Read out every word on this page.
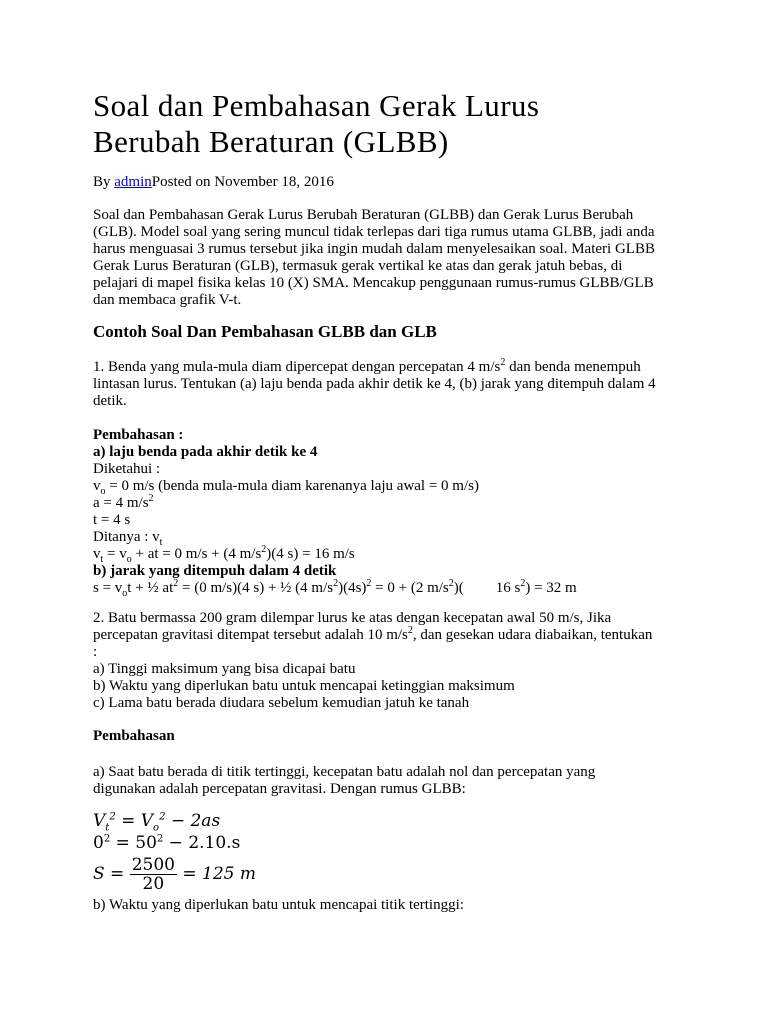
Soal dan Pembahasan Gerak Lurus
Berubah Beraturan (GLBB)
By adminPosted on November 18, 2016
Soal dan Pembahasan Gerak Lurus Berubah Beraturan (GLBB) dan Gerak Lurus Berubah
(GLB). Model soal yang sering muncul tidak terlepas dari tiga rumus utama GLBB, jadi anda
harus menguasai 3 rumus tersebut jika ingin mudah dalam menyelesaikan soal. Materi GLBB
Gerak Lurus Beraturan (GLB), termasuk gerak vertikal ke atas dan gerak jatuh bebas, di
pelajari di mapel fisika kelas 10 (X) SMA. Mencakup penggunaan rumus-rumus GLBB/GLB
dan membaca grafik V-t.
Contoh Soal Dan Pembahasan GLBB dan GLB
1. Benda yang mula-mula diam dipercepat dengan percepatan 4 $m/s^2$ dan benda menempuh
lintasan lurus. Tentukan (a) laju benda pada akhir detik ke 4, (b) jarak yang ditempuh dalam 4
detik.
Pembahasan :
a) laju benda pada akhir detik ke 4
Diketahui :
$v_o = 0$ m/s (benda mula-mula diam karenanya laju awal = 0 m/s)
a = 4 $m/s^2$
t = 4 s
Ditanya : $v_t$
$v_t = v_o$ + at = 0 m/s + (4 $m/s^2)(4$ s) = 16 m/s
b) jarak yang ditempuh dalam 4 detik
$s = v_ot$ + ½ $at^2 = (0$ m/s)(4 s) + ½ (4 $m/s^2)(4s)^2 = 0 + (2$ $m/s^2$)( 16 $s^2) = 32$ m
2. Batu bermassa 200 gram dilempar lurus ke atas dengan kecepatan awal 50 m/s, Jika
percepatan gravitasi ditempat tersebut adalah 10 $m/s^2$, dan gesekan udara diabaikan, tentukan
:
a) Tinggi maksimum yang bisa dicapai batu
b) Waktu yang diperlukan batu untuk mencapai ketinggian maksimum
c) Lama batu berada diudara sebelum kemudian jatuh ke tanah
Pembahasan
a) Saat batu berada di titik tertinggi, kecepatan batu adalah nol dan percepatan yang
digunakan adalah percepatan gravitasi. Dengan rumus GLBB:
$V_t^2 = V_o^2 - 2as$
$0^2 = 50^2 - 2.10.s$
$S = \frac{2500}{20} = 125$ m
b) Waktu yang diperlukan batu untuk mencapai titik tertinggi:
